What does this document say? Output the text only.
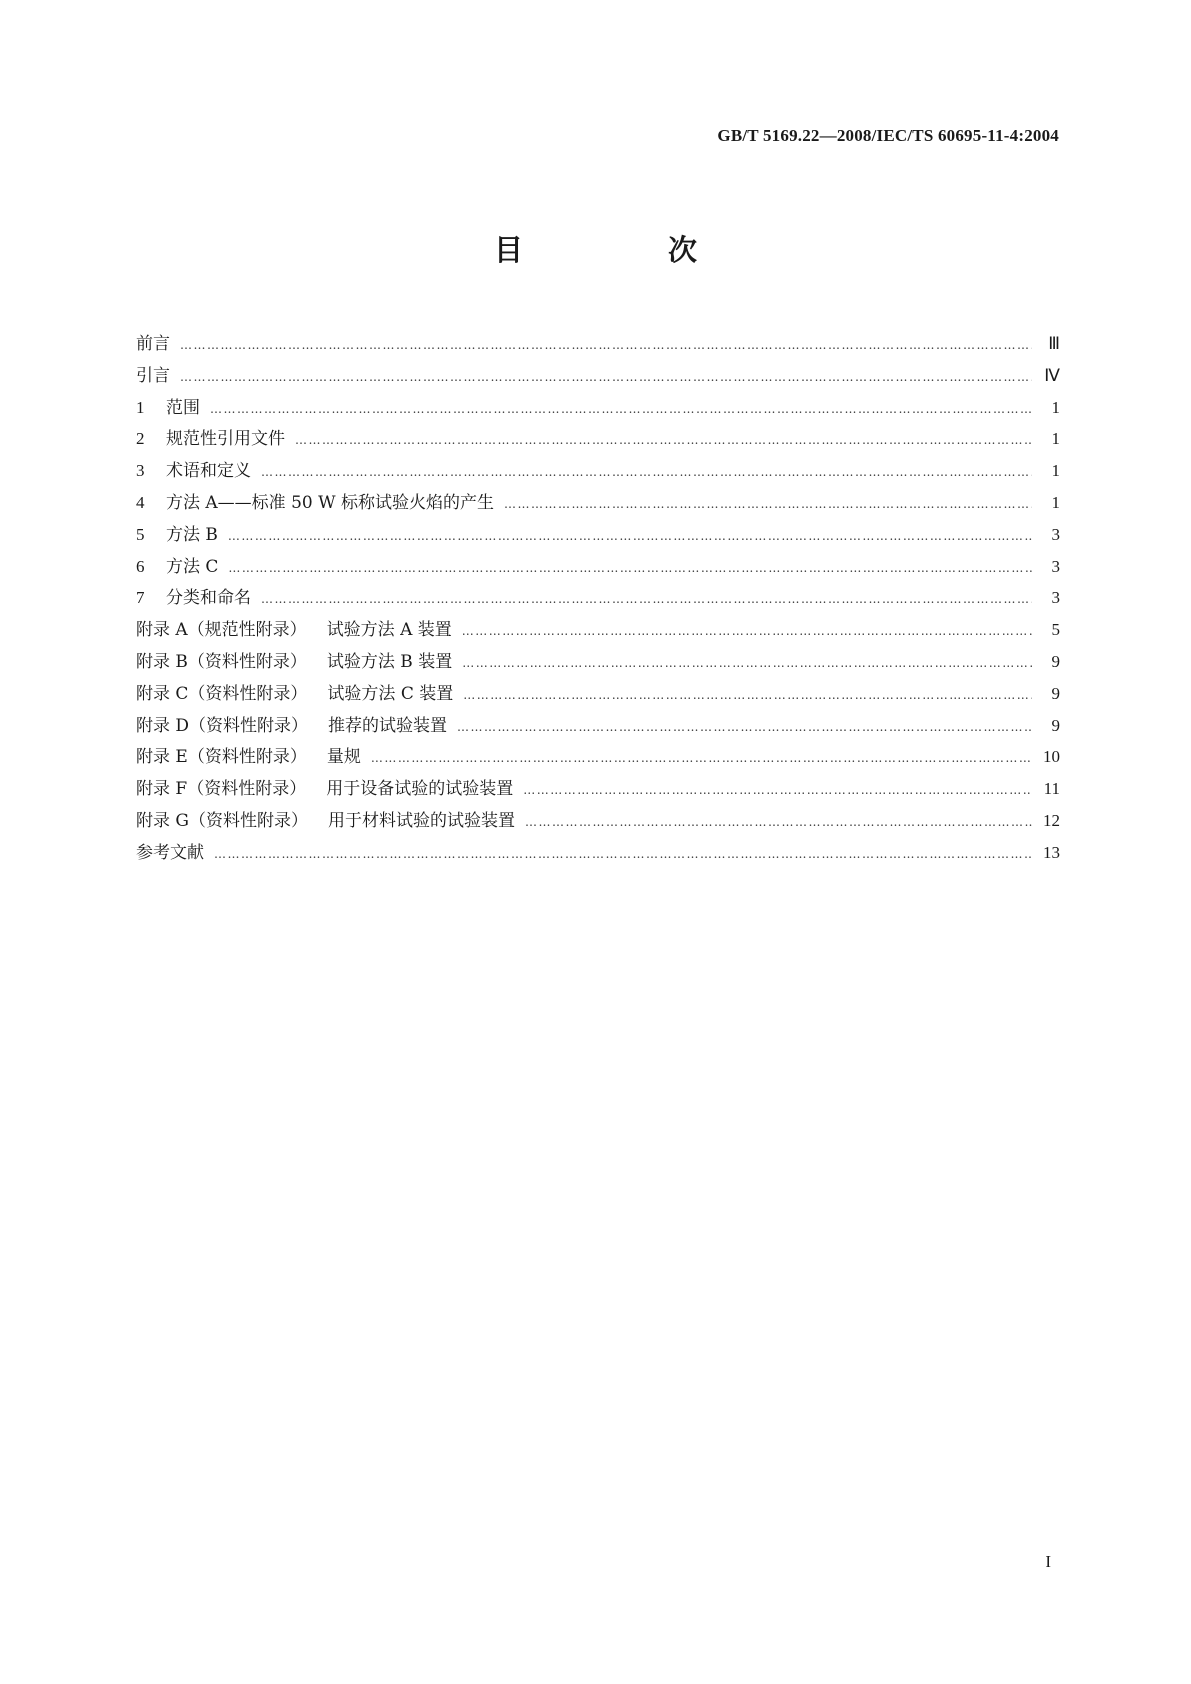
GB/T 5169.22—2008/IEC/TS 60695-11-4:2004
目　次
前言 …………………………………………………………………………………………………………………………………………………………………………………………………………………………	Ⅲ
引言 …………………………………………………………………………………………………………………………………………………………………………………………………………………………	Ⅳ
1 范围 …………………………………………………………………………………………………………………………………………………………………………………………………………………………	1
2 规范性引用文件 …………………………………………………………………………………………………………………………………………………………………………………………………………………………	1
3 术语和定义 …………………………………………………………………………………………………………………………………………………………………………………………………………………………	1
4 方法 A——标准 50 W 标称试验火焰的产生 …………………………………………………………………………………………………………………………………………………………………………………………………………………………	1
5 方法 B …………………………………………………………………………………………………………………………………………………………………………………………………………………………	3
6 方法 C …………………………………………………………………………………………………………………………………………………………………………………………………………………………	3
7 分类和命名 …………………………………………………………………………………………………………………………………………………………………………………………………………………………	3
附录 A（规范性附录） 试验方法 A 装置 …………………………………………………………………………………………………………………………………………………………………………………………………………………………	5
附录 B（资料性附录） 试验方法 B 装置 …………………………………………………………………………………………………………………………………………………………………………………………………………………………	9
附录 C（资料性附录） 试验方法 C 装置 …………………………………………………………………………………………………………………………………………………………………………………………………………………………	9
附录 D（资料性附录） 推荐的试验装置 …………………………………………………………………………………………………………………………………………………………………………………………………………………………	9
附录 E（资料性附录） 量规 …………………………………………………………………………………………………………………………………………………………………………………………………………………………	10
附录 F（资料性附录） 用于设备试验的试验装置 …………………………………………………………………………………………………………………………………………………………………………………………………………………………	11
附录 G（资料性附录） 用于材料试验的试验装置 …………………………………………………………………………………………………………………………………………………………………………………………………………………………	12
参考文献 …………………………………………………………………………………………………………………………………………………………………………………………………………………………	13
I
